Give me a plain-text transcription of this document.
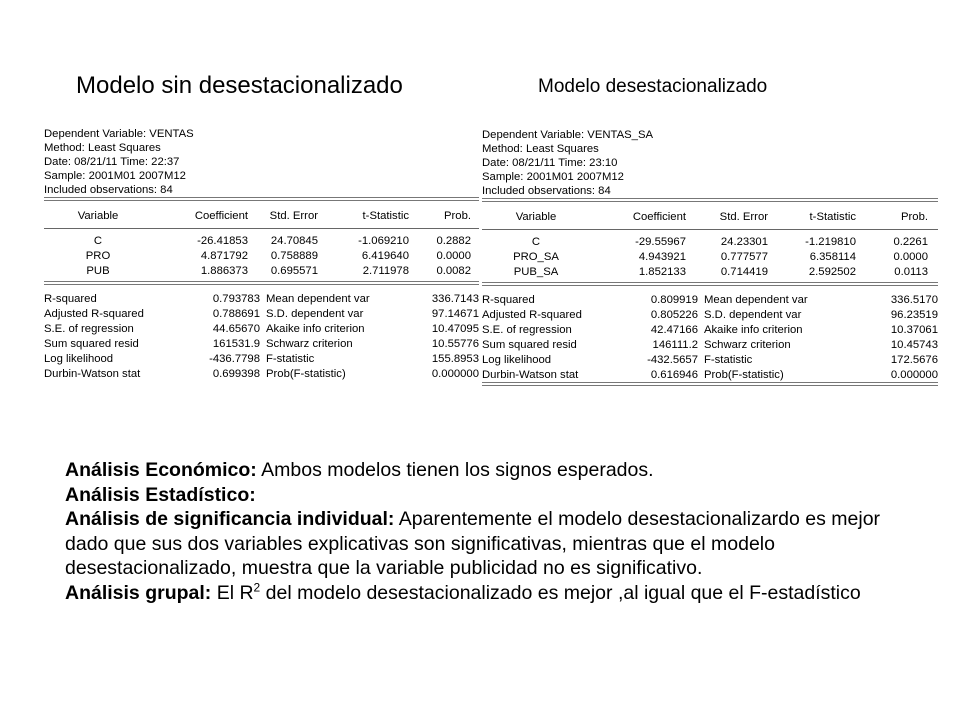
Modelo sin desestacionalizado	Modelo desestacionalizado
Dependent Variable: VENTAS
Method: Least Squares
Date: 08/21/11 Time: 22:37
Sample: 2001M01 2007M12
Included observations: 84
Variable	Coefficient	Std. Error	t-Statistic	Prob.
C	-26.41853	24.70845	-1.069210	0.2882
PRO	4.871792	0.758889	6.419640	0.0000
PUB	1.886373	0.695571	2.711978	0.0082
R-squared	0.793783 Mean dependent var	336.7143
Adjusted R-squared	0.788691 S.D. dependent var	97.14671
S.E. of regression	44.65670 Akaike info criterion	10.47095
Sum squared resid	161531.9 Schwarz criterion	10.55776
Log likelihood	-436.7798 F-statistic	155.8953
Durbin-Watson stat	0.699398 Prob(F-statistic)	0.000000
Dependent Variable: VENTAS_SA
Method: Least Squares
Date: 08/21/11 Time: 23:10
Sample: 2001M01 2007M12
Included observations: 84
Variable	Coefficient	Std. Error	t-Statistic	Prob.
C	-29.55967	24.23301	-1.219810	0.2261
PRO_SA	4.943921	0.777577	6.358114	0.0000
PUB_SA	1.852133	0.714419	2.592502	0.0113
R-squared	0.809919 Mean dependent var	336.5170
Adjusted R-squared	0.805226 S.D. dependent var	96.23519
S.E. of regression	42.47166 Akaike info criterion	10.37061
Sum squared resid	146111.2 Schwarz criterion	10.45743
Log likelihood	-432.5657 F-statistic	172.5676
Durbin-Watson stat	0.616946 Prob(F-statistic)	0.000000

Análisis Económico: Ambos modelos tienen los signos esperados.

Análisis Estadístico:

Análisis de significancia individual: Aparentemente el modelo desestacionalizardo es mejor dado que sus dos variables explicativas son significativas, mientras que el modelo desestacionalizado, muestra que la variable publicidad no es significativo.

Análisis grupal: El $R^2$ del modelo desestacionalizado es mejor ,al igual que el F-estadístico
